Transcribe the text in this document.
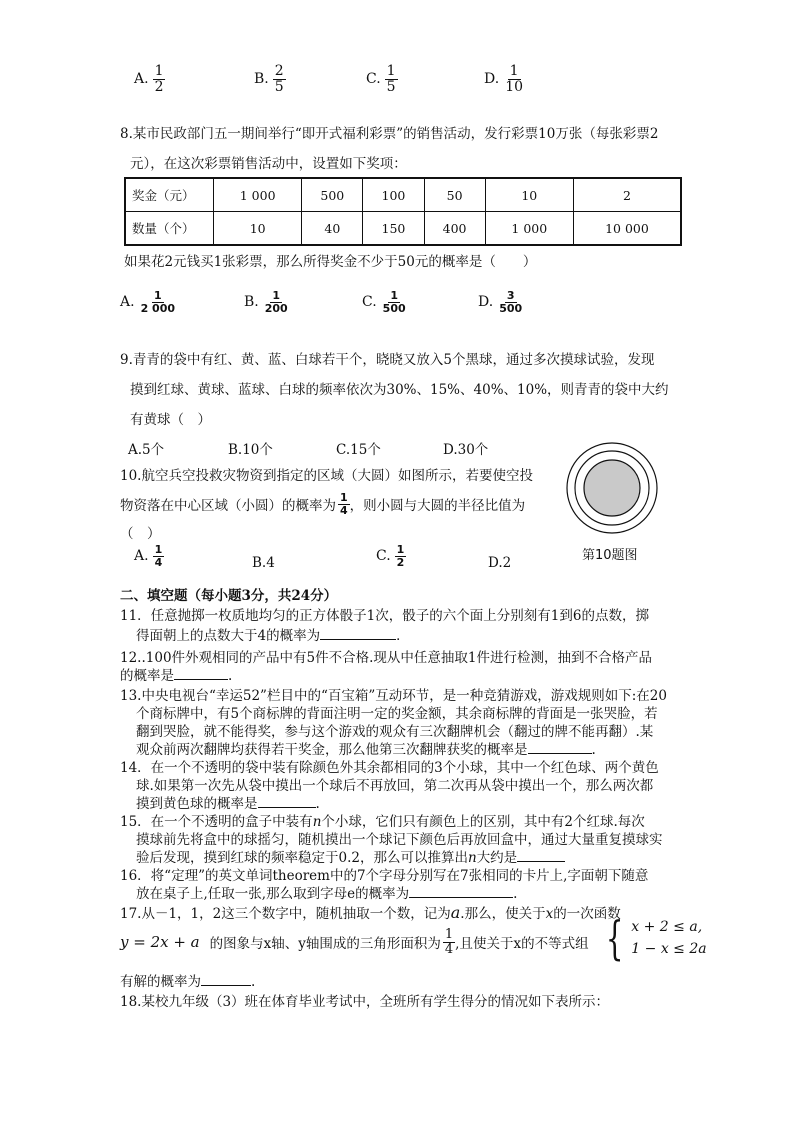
A. $\frac{1}{2}$	B. $\frac{2}{5}$	C. $\frac{1}{5}$	D. $\frac{1}{10}$
8.某市民政部门五一期间举行“即开式福利彩票”的销售活动，发行彩票10万张（每张彩票2
元），在这次彩票销售活动中，设置如下奖项：
奖金（元）	1 000	500	100	50	10	2
数量（个）	10	40	150	400	1 000	10 000
如果花2元钱买1张彩票，那么所得奖金不少于50元的概率是（　　）
A. $\frac{1}{2 000}$	B. $\frac{1}{200}$	C. $\frac{1}{500}$	D. $\frac{3}{500}$
9.青青的袋中有红、黄、蓝、白球若干个，晓晓又放入5个黑球，通过多次摸球试验，发现
摸到红球、黄球、蓝球、白球的频率依次为30%、15%、40%、10%，则青青的袋中大约
有黄球（　）
A.5个	B.10个	C.15个	D.30个
10.航空兵空投救灾物资到指定的区域（大圆）如图所示，若要使空投
物资落在中心区域（小圆）的概率为 $\frac{1}{4}$ ，则小圆与大圆的半径比值为
（　）
A. $\frac{1}{4}$	B.4	C. $\frac{1}{2}$	D.2	第10题图
二、填空题（每小题3分，共24分）
11．任意抛掷一枚质地均匀的正方体骰子1次，骰子的六个面上分别刻有1到6的点数，掷
得面朝上的点数大于4的概率为	．
12..100件外观相同的产品中有5件不合格.现从中任意抽取1件进行检测，抽到不合格产品
的概率是	.
13.中央电视台“幸运52”栏目中的“百宝箱”互动环节，是一种竞猜游戏，游戏规则如下:在20
个商标牌中，有5个商标牌的背面注明一定的奖金额，其余商标牌的背面是一张哭脸，若
翻到哭脸，就不能得奖，参与这个游戏的观众有三次翻牌机会（翻过的牌不能再翻）.某
观众前两次翻牌均获得若干奖金，那么他第三次翻牌获奖的概率是	.
14．在一个不透明的袋中装有除颜色外其余都相同的3个小球，其中一个红色球、两个黄色
球.如果第一次先从袋中摸出一个球后不再放回，第二次再从袋中摸出一个，那么两次都
摸到黄色球的概率是	.
15．在一个不透明的盒子中装有n个小球，它们只有颜色上的区别，其中有2个红球.每次
摸球前先将盒中的球摇匀，随机摸出一个球记下颜色后再放回盒中，通过大量重复摸球实
验后发现，摸到红球的频率稳定于0.2，那么可以推算出n大约是
16．将“定理”的英文单词theorem中的7个字母分别写在7张相同的卡片上,字面朝下随意
放在桌子上,任取一张,那么取到字母e的概率为	.
17.从－1，1，2这三个数字中，随机抽取一个数，记为a.那么，使关于x的一次函数
y = 2x + a 的图象与x轴、y轴围成的三角形面积为 $\frac{1}{4}$ ,且使关于x的不等式组 { x + 2 ≤ a,
1 − x ≤ 2a
有解的概率为	.
18.某校九年级（3）班在体育毕业考试中，全班所有学生得分的情况如下表所示：
